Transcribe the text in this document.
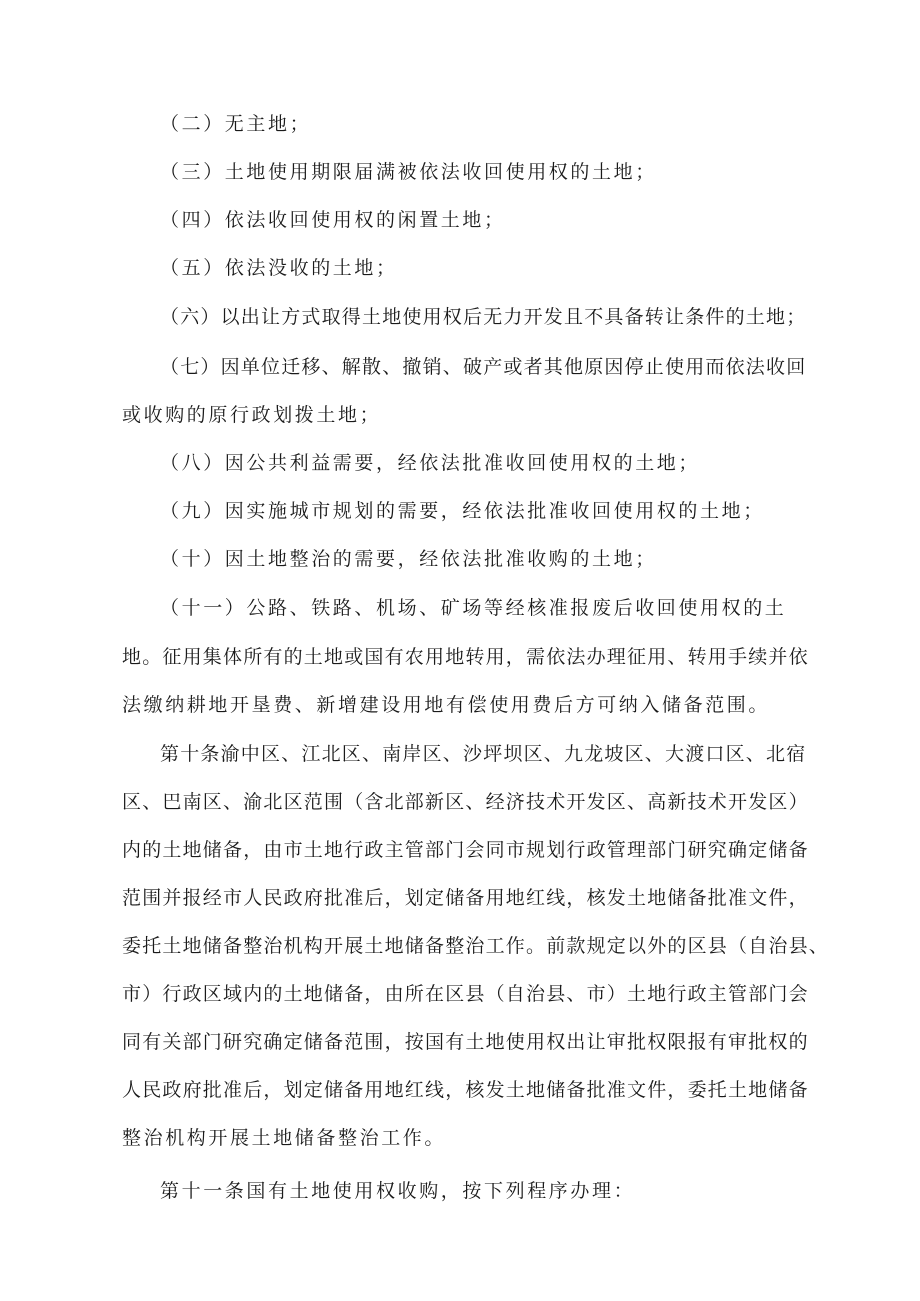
（二）无主地；
（三）土地使用期限届满被依法收回使用权的土地；
（四）依法收回使用权的闲置土地；
（五）依法没收的土地；
（六）以出让方式取得土地使用权后无力开发且不具备转让条件的土地；
（七）因单位迁移、解散、撤销、破产或者其他原因停止使用而依法收回
或收购的原行政划拨土地；
（八）因公共利益需要，经依法批准收回使用权的土地；
（九）因实施城市规划的需要，经依法批准收回使用权的土地；
（十）因土地整治的需要，经依法批准收购的土地；
（十一）公路、铁路、机场、矿场等经核准报废后收回使用权的土
地。征用集体所有的土地或国有农用地转用，需依法办理征用、转用手续并依
法缴纳耕地开垦费、新增建设用地有偿使用费后方可纳入储备范围。
第十条渝中区、江北区、南岸区、沙坪坝区、九龙坡区、大渡口区、北宿
区、巴南区、渝北区范围（含北部新区、经济技术开发区、高新技术开发区）
内的土地储备，由市土地行政主管部门会同市规划行政管理部门研究确定储备
范围并报经市人民政府批准后，划定储备用地红线，核发土地储备批准文件，
委托土地储备整治机构开展土地储备整治工作。前款规定以外的区县（自治县、
市）行政区域内的土地储备，由所在区县（自治县、市）土地行政主管部门会
同有关部门研究确定储备范围，按国有土地使用权出让审批权限报有审批权的
人民政府批准后，划定储备用地红线，核发土地储备批准文件，委托土地储备
整治机构开展土地储备整治工作。
第十一条国有土地使用权收购，按下列程序办理：
